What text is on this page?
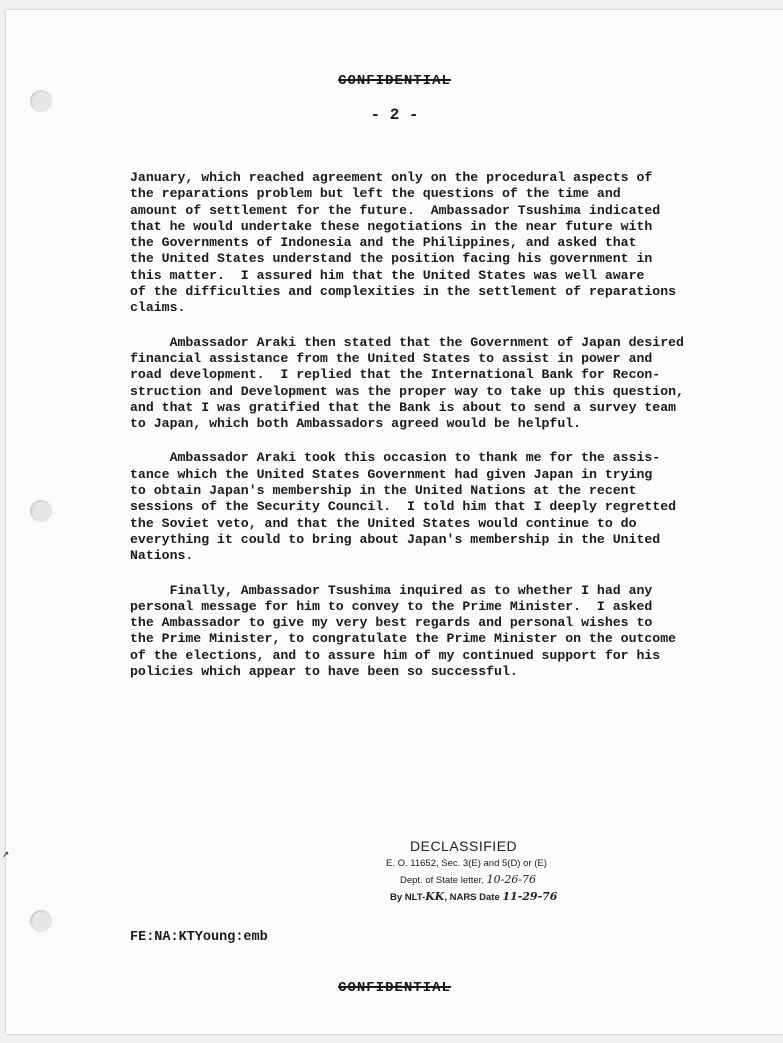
↗
CONFIDENTIAL
- 2 -

January, which reached agreement only on the procedural aspects of
the reparations problem but left the questions of the time and
amount of settlement for the future.  Ambassador Tsushima indicated
that he would undertake these negotiations in the near future with
the Governments of Indonesia and the Philippines, and asked that
the United States understand the position facing his government in
this matter.  I assured him that the United States was well aware
of the difficulties and complexities in the settlement of reparations
claims.

Ambassador Araki then stated that the Government of Japan desired
financial assistance from the United States to assist in power and
road development.  I replied that the International Bank for Recon-
struction and Development was the proper way to take up this question,
and that I was gratified that the Bank is about to send a survey team
to Japan, which both Ambassadors agreed would be helpful.

Ambassador Araki took this occasion to thank me for the assis-
tance which the United States Government had given Japan in trying
to obtain Japan's membership in the United Nations at the recent
sessions of the Security Council.  I told him that I deeply regretted
the Soviet veto, and that the United States would continue to do
everything it could to bring about Japan's membership in the United
Nations.

Finally, Ambassador Tsushima inquired as to whether I had any
personal message for him to convey to the Prime Minister.  I asked
the Ambassador to give my very best regards and personal wishes to
the Prime Minister, to congratulate the Prime Minister on the outcome
of the elections, and to assure him of my continued support for his
policies which appear to have been so successful.

DECLASSIFIED
E. O. 11652, Sec. 3(E) and 5(D) or (E)
Dept. of State letter, 10-26-76
By NLT-KK, NARS Date 11-29-76
FE:NA:KTYoung:emb
CONFIDENTIAL
